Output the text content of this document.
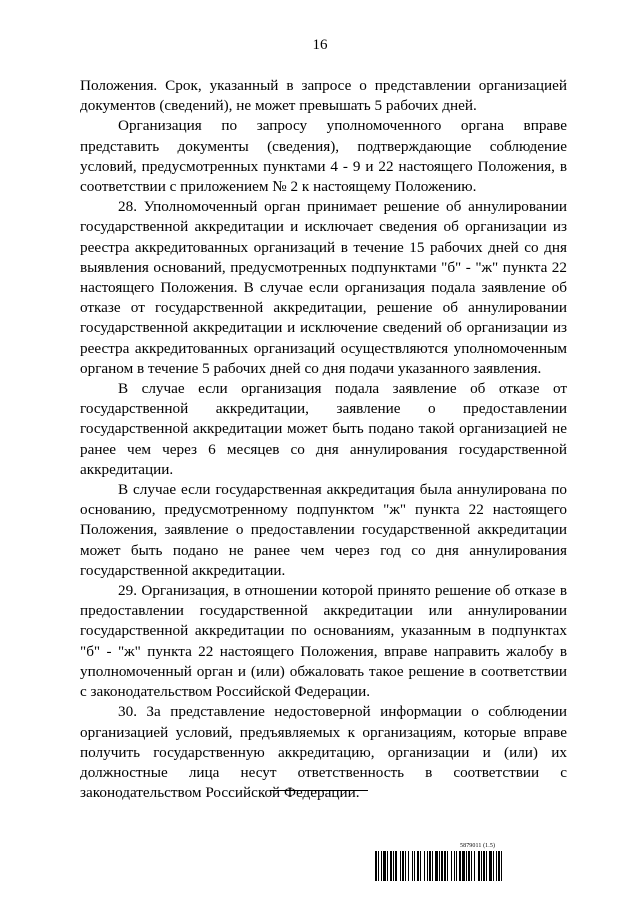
16

Положения. Срок, указанный в запросе о представлении организацией документов (сведений), не может превышать 5 рабочих дней.

Организация по запросу уполномоченного органа вправе представить документы (сведения), подтверждающие соблюдение условий, предусмотренных пунктами 4 - 9 и 22 настоящего Положения, в соответствии с приложением № 2 к настоящему Положению.

28. Уполномоченный орган принимает решение об аннулировании государственной аккредитации и исключает сведения об организации из реестра аккредитованных организаций в течение 15 рабочих дней со дня выявления оснований, предусмотренных подпунктами "б" - "ж" пункта 22 настоящего Положения. В случае если организация подала заявление об отказе от государственной аккредитации, решение об аннулировании государственной аккредитации и исключение сведений об организации из реестра аккредитованных организаций осуществляются уполномоченным органом в течение 5 рабочих дней со дня подачи указанного заявления.

В случае если организация подала заявление об отказе от государственной аккредитации, заявление о предоставлении государственной аккредитации может быть подано такой организацией не ранее чем через 6 месяцев со дня аннулирования государственной аккредитации.

В случае если государственная аккредитация была аннулирована по основанию, предусмотренному подпунктом "ж" пункта 22 настоящего Положения, заявление о предоставлении государственной аккредитации может быть подано не ранее чем через год со дня аннулирования государственной аккредитации.

29. Организация, в отношении которой принято решение об отказе в предоставлении государственной аккредитации или аннулировании государственной аккредитации по основаниям, указанным в подпунктах "б" - "ж" пункта 22 настоящего Положения, вправе направить жалобу в уполномоченный орган и (или) обжаловать такое решение в соответствии с законодательством Российской Федерации.

30. За представление недостоверной информации о соблюдении организацией условий, предъявляемых к организациям, которые вправе получить государственную аккредитацию, организации и (или) их должностные лица несут ответственность в соответствии с законодательством Российской Федерации.

5879011 (1.5)
